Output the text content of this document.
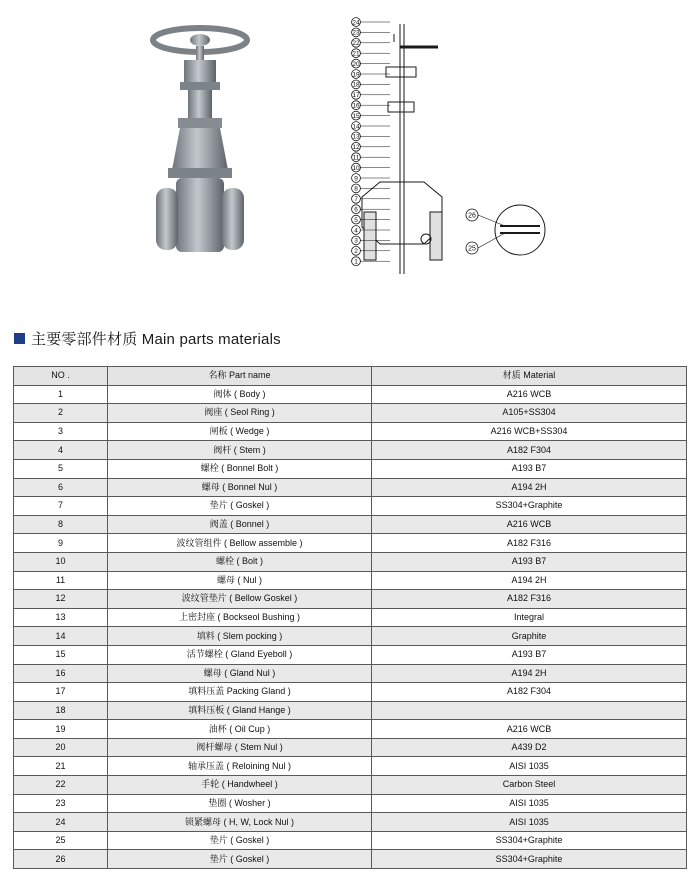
24
23
22
21
20
19
18
17
16
15
14
13
12
11
10
9
8
7
6
5
4
3
2
1
26
25
主要零部件材质 Main parts materials
NO .	名称 Part name	材质 Material
1	阀体 ( Body )	A216 WCB
2	阀座 ( Seol Ring )	A105+SS304
3	闸板 ( Wedge )	A216 WCB+SS304
4	阀杆 ( Stem )	A182 F304
5	螺栓 ( Bonnel Bolt )	A193 B7
6	螺母 ( Bonnel Nul )	A194 2H
7	垫片 ( Goskel )	SS304+Graphite
8	阀盖 ( Bonnel )	A216 WCB
9	波纹管组件 ( Bellow assemble )	A182 F316
10	螺栓 ( Bolt )	A193 B7
11	螺母 ( Nul )	A194 2H
12	波纹管垫片 ( Bellow Goskel )	A182 F316
13	上密封座 ( Bockseol Bushing )	Integral
14	填料 ( Slem pocking )	Graphite
15	活节螺栓 ( Gland Eyeboll )	A193 B7
16	螺母 ( Gland Nul )	A194 2H
17	填料压盖 Packing Gland )	A182 F304
18	填料压板 ( Gland Hange )	
19	油杯 ( Oil Cup )	A216 WCB
20	阀杆螺母 ( Stem Nul )	A439 D2
21	轴承压盖 ( Reloining Nul )	AISI 1035
22	手轮 ( Handwheel )	Carbon Steel
23	垫圈 ( Wosher )	AISI 1035
24	锁紧螺母 ( H, W, Lock Nul )	AISI 1035
25	垫片 ( Goskel )	SS304+Graphite
26	垫片 ( Goskel )	SS304+Graphite
